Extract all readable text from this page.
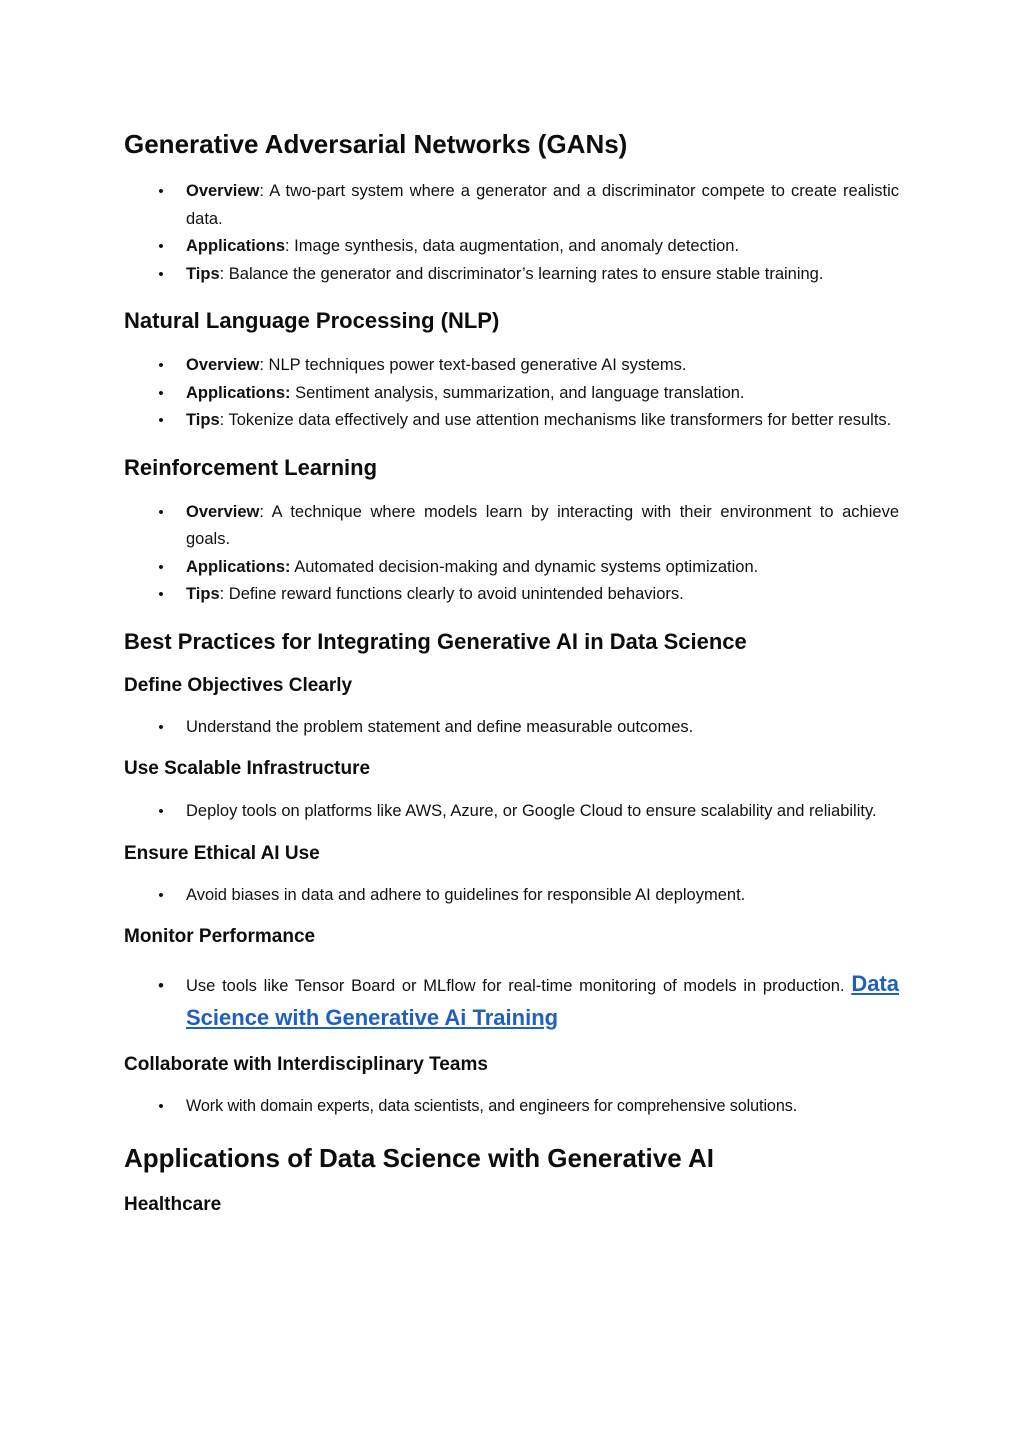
Generative Adversarial Networks (GANs)
• Overview: A two-part system where a generator and a discriminator compete to create realistic data.
• Applications: Image synthesis, data augmentation, and anomaly detection.
• Tips: Balance the generator and discriminator’s learning rates to ensure stable training.
Natural Language Processing (NLP)
• Overview: NLP techniques power text-based generative AI systems.
• Applications: Sentiment analysis, summarization, and language translation.
• Tips: Tokenize data effectively and use attention mechanisms like transformers for better results.
Reinforcement Learning
• Overview: A technique where models learn by interacting with their environment to achieve goals.
• Applications: Automated decision-making and dynamic systems optimization.
• Tips: Define reward functions clearly to avoid unintended behaviors.
Best Practices for Integrating Generative AI in Data Science
Define Objectives Clearly
• Understand the problem statement and define measurable outcomes.
Use Scalable Infrastructure
• Deploy tools on platforms like AWS, Azure, or Google Cloud to ensure scalability and reliability.
Ensure Ethical AI Use
• Avoid biases in data and adhere to guidelines for responsible AI deployment.
Monitor Performance
• Use tools like Tensor Board or MLflow for real-time monitoring of models in production. Data Science with Generative Ai Training
Collaborate with Interdisciplinary Teams
• Work with domain experts, data scientists, and engineers for comprehensive solutions.
Applications of Data Science with Generative AI
Healthcare
